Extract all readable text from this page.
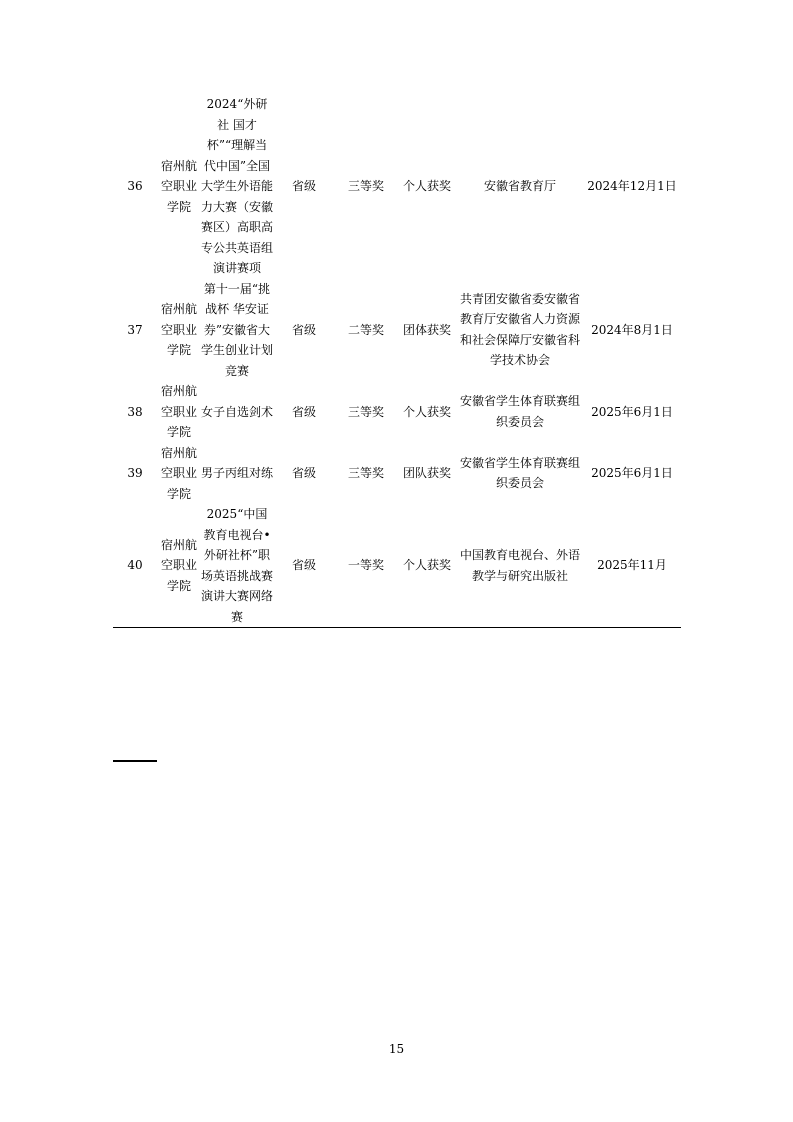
36	宿州航空职业学院	2024“外研社 国才杯”“理解当代中国”全国大学生外语能力大赛（安徽赛区）高职高专公共英语组演讲赛项	省级	三等奖	个人获奖	安徽省教育厅	2024年12月1日
37	宿州航空职业学院	第十一届“挑战杯 华安证券”安徽省大学生创业计划竞赛	省级	二等奖	团体获奖	共青团安徽省委安徽省教育厅安徽省人力资源和社会保障厅安徽省科学技术协会	2024年8月1日
38	宿州航空职业学院	女子自选剑术	省级	三等奖	个人获奖	安徽省学生体育联赛组织委员会	2025年6月1日
39	宿州航空职业学院	男子丙组对练	省级	三等奖	团队获奖	安徽省学生体育联赛组织委员会	2025年6月1日
40	宿州航空职业学院	2025“中国教育电视台•外研社杯”职场英语挑战赛演讲大赛网络赛	省级	一等奖	个人获奖	中国教育电视台、外语教学与研究出版社	2025年11月
15
